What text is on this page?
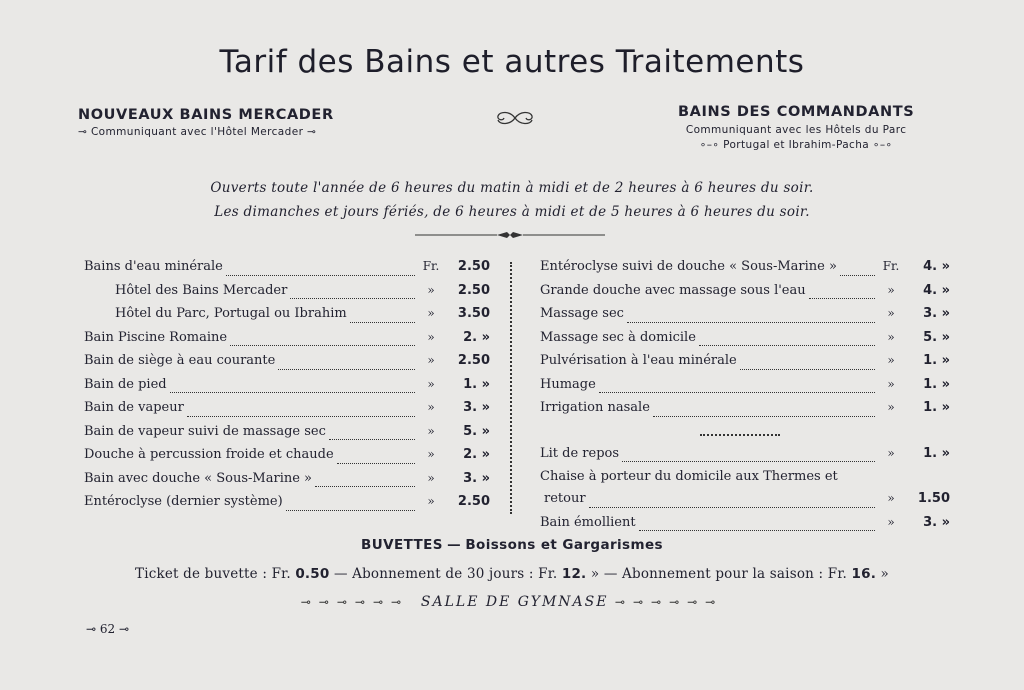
Tarif des Bains et autres Traitements
NOUVEAUX BAINS MERCADER
⊸ Communiquant avec l'Hôtel Mercader ⊸
BAINS DES COMMANDANTS
Communiquant avec les Hôtels du Parc
∘–∘ Portugal et Ibrahim-Pacha ∘–∘
Ouverts toute l'année de 6 heures du matin à midi et de 2 heures à 6 heures du soir.
Les dimanches et jours fériés, de 6 heures à midi et de 5 heures à 6 heures du soir.
Bains d'eau minérale	Fr.	2.50
Hôtel des Bains Mercader	»	2.50
Hôtel du Parc, Portugal ou Ibrahim	»	3.50
Bain Piscine Romaine	»	2. »
Bain de siège à eau courante	»	2.50
Bain de pied	»	1. »
Bain de vapeur	»	3. »
Bain de vapeur suivi de massage sec	»	5. »
Douche à percussion froide et chaude	»	2. »
Bain avec douche « Sous-Marine »	»	3. »
Entéroclyse (dernier système)	»	2.50
Entéroclyse suivi de douche « Sous-Marine »	Fr.	4. »
Grande douche avec massage sous l'eau	»	4. »
Massage sec	»	3. »
Massage sec à domicile	»	5. »
Pulvérisation à l'eau minérale	»	1. »
Humage	»	1. »
Irrigation nasale	»	1. »
Lit de repos	»	1. »
Chaise à porteur du domicile aux Thermes et
retour	»	1.50
Bain émollient	»	3. »
BUVETTES — Boissons et Gargarismes
Ticket de buvette : Fr. 0.50 — Abonnement de 30 jours : Fr. 12. » — Abonnement pour la saison : Fr. 16. »
⊸⊸⊸⊸⊸⊸ SALLE DE GYMNASE ⊸⊸⊸⊸⊸⊸
⊸ 62 ⊸
